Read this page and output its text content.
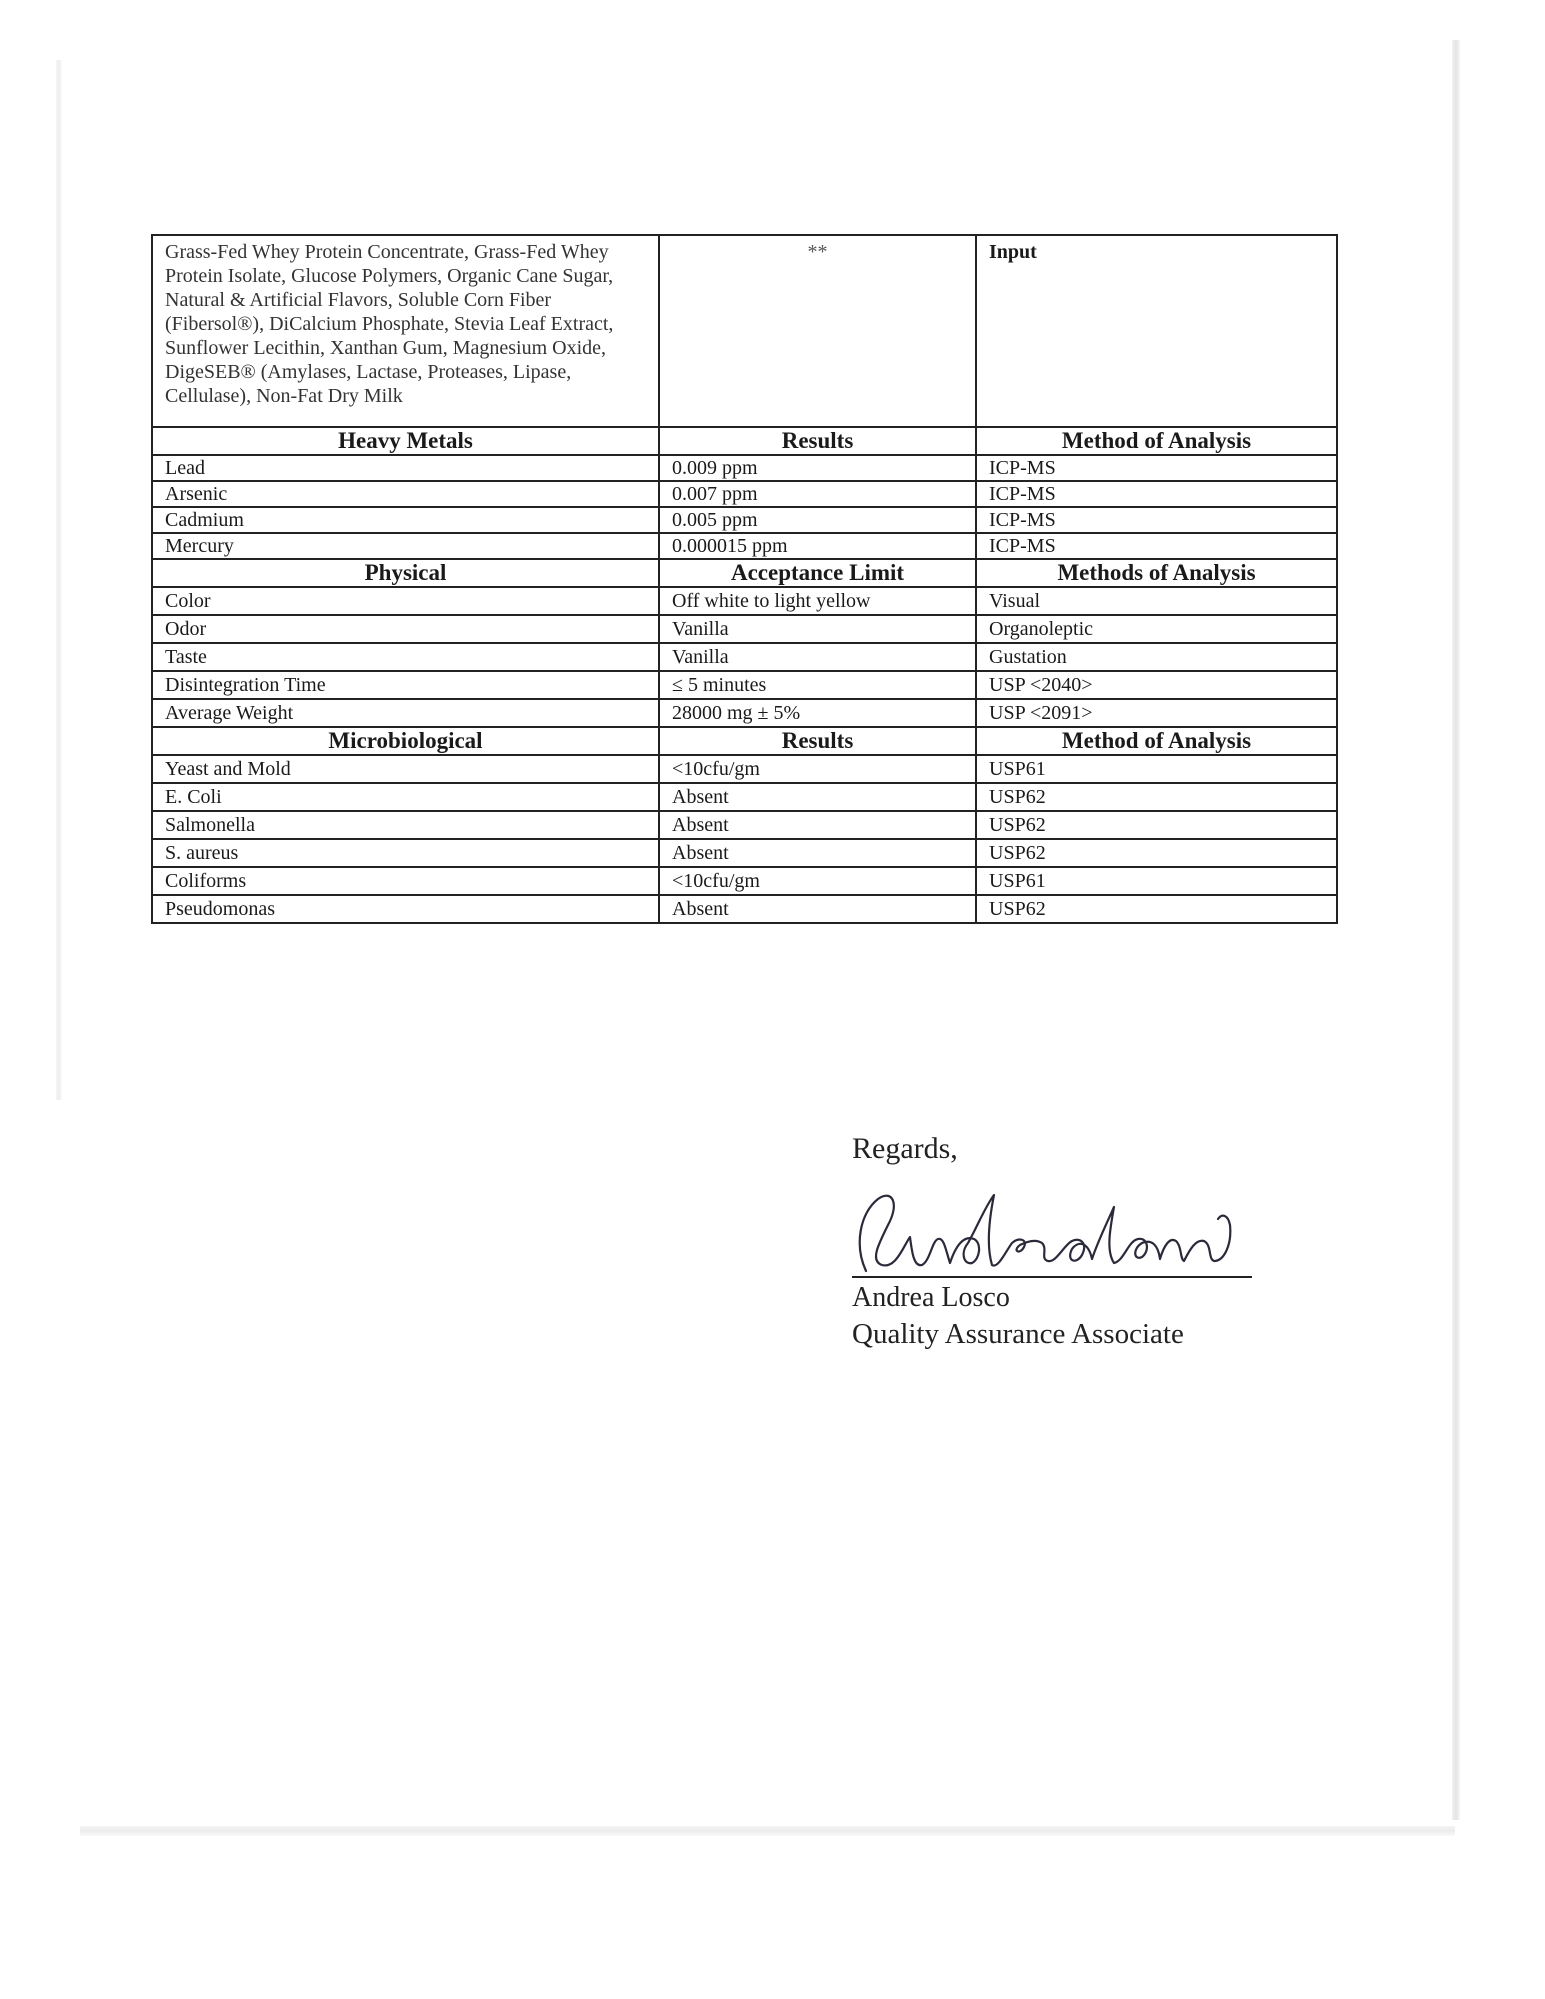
Grass-Fed Whey Protein Concentrate, Grass-Fed Whey Protein Isolate, Glucose Polymers, Organic Cane Sugar, Natural & Artificial Flavors, Soluble Corn Fiber (Fibersol®), DiCalcium Phosphate, Stevia Leaf Extract, Sunflower Lecithin, Xanthan Gum, Magnesium Oxide, DigeSEB® (Amylases, Lactase, Proteases, Lipase, Cellulase), Non-Fat Dry Milk	**	Input
Heavy Metals	Results	Method of Analysis
Lead	0.009 ppm	ICP-MS
Arsenic	0.007 ppm	ICP-MS
Cadmium	0.005 ppm	ICP-MS
Mercury	0.000015 ppm	ICP-MS
Physical	Acceptance Limit	Methods of Analysis
Color	Off white to light yellow	Visual
Odor	Vanilla	Organoleptic
Taste	Vanilla	Gustation
Disintegration Time	≤ 5 minutes	USP <2040>
Average Weight	28000 mg ± 5%	USP <2091>
Microbiological	Results	Method of Analysis
Yeast and Mold	<10cfu/gm	USP61
E. Coli	Absent	USP62
Salmonella	Absent	USP62
S. aureus	Absent	USP62
Coliforms	<10cfu/gm	USP61
Pseudomonas	Absent	USP62
Regards,
Andrea Losco
Quality Assurance Associate
